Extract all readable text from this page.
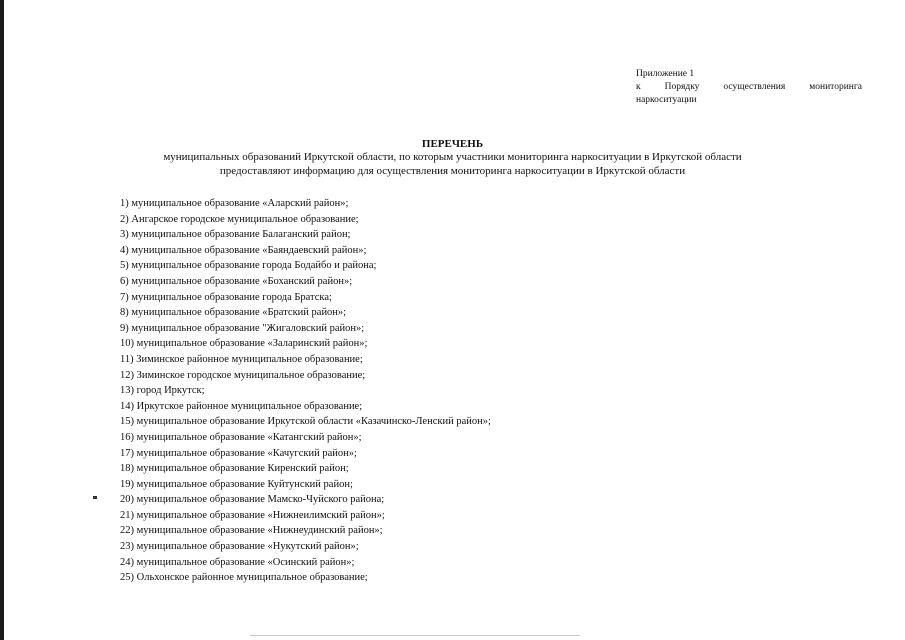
Приложение 1
к	Порядку	осуществления	мониторинга
наркоситуации
ПЕРЕЧЕНЬ
муниципальных образований Иркутской области, по которым участники мониторинга наркоситуации в Иркутской области
предоставляют информацию для осуществления мониторинга наркоситуации в Иркутской области
1) муниципальное образование «Аларский район»;
2) Ангарское городское муниципальное образование;
3) муниципальное образование Балаганский район;
4) муниципальное образование «Баяндаевский район»;
5) муниципальное образование города Бодайбо и района;
6) муниципальное образование «Боханский район»;
7) муниципальное образование города Братска;
8) муниципальное образование «Братский район»;
9) муниципальное образование "Жигаловский район»;
10) муниципальное образование «Заларинский район»;
11) Зиминское районное муниципальное образование;
12) Зиминское городское муниципальное образование;
13) город Иркутск;
14) Иркутское районное муниципальное образование;
15) муниципальное образование Иркутской области «Казачинско-Ленский район»;
16) муниципальное образование «Катангский район»;
17) муниципальное образование «Качугский район»;
18) муниципальное образование Киренский район;
19) муниципальное образование Куйтунский район;
20) муниципальное образование Мамско-Чуйского района;
21) муниципальное образование «Нижнеилимский район»;
22) муниципальное образование «Нижнеудинский район»;
23) муниципальное образование «Нукутский район»;
24) муниципальное образование «Осинский район»;
25) Ольхонское районное муниципальное образование;
